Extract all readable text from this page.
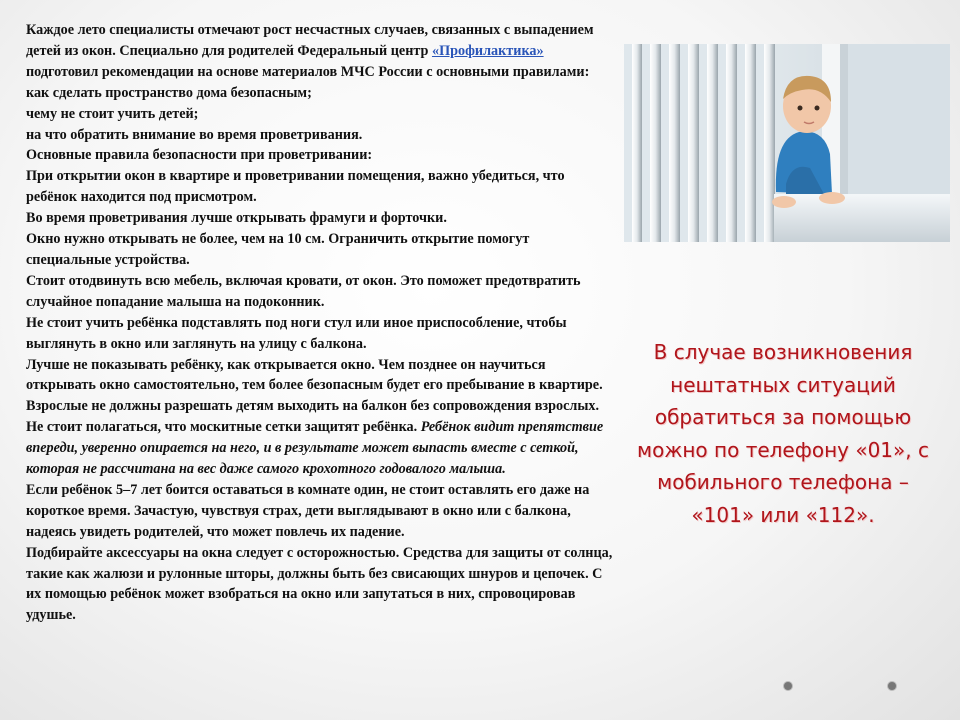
Каждое лето специалисты отмечают рост несчастных случаев, связанных с выпадением детей из окон. Специально для родителей Федеральный центр «Профилактика» подготовил рекомендации на основе материалов МЧС России с основными правилами:

как сделать пространство дома безопасным;

чему не стоит учить детей;

на что обратить внимание во время проветривания.

Основные правила безопасности при проветривании:

При открытии окон в квартире и проветривании помещения, важно убедиться, что ребёнок находится под присмотром.

Во время проветривания лучше открывать фрамуги и форточки.

Окно нужно открывать не более, чем на 10 см. Ограничить открытие помогут специальные устройства.

Стоит отодвинуть всю мебель, включая кровати, от окон. Это поможет предотвратить случайное попадание малыша на подоконник.

Не стоит учить ребёнка подставлять под ноги стул или иное приспособление, чтобы выглянуть в окно или заглянуть на улицу с балкона.

Лучше не показывать ребёнку, как открывается окно. Чем позднее он научиться открывать окно самостоятельно, тем более безопасным будет его пребывание в квартире.

Взрослые не должны разрешать детям выходить на балкон без сопровождения взрослых.

Не стоит полагаться, что москитные сетки защитят ребёнка. Ребёнок видит препятствие впереди, уверенно опирается на него, и в результате может выпасть вместе с сеткой, которая не рассчитана на вес даже самого крохотного годовалого малыша.

Если ребёнок 5–7 лет боится оставаться в комнате один, не стоит оставлять его даже на короткое время. Зачастую, чувствуя страх, дети выглядывают в окно или с балкона, надеясь увидеть родителей, что может повлечь их падение.

Подбирайте аксессуары на окна следует с осторожностью. Средства для защиты от солнца, такие как жалюзи и рулонные шторы, должны быть без свисающих шнуров и цепочек. С их помощью ребёнок может взобраться на окно или запутаться в них, спровоцировав удушье.

В случае возникновения нештатных ситуаций обратиться за помощью можно по телефону «01», с мобильного телефона – «101» или «112».
